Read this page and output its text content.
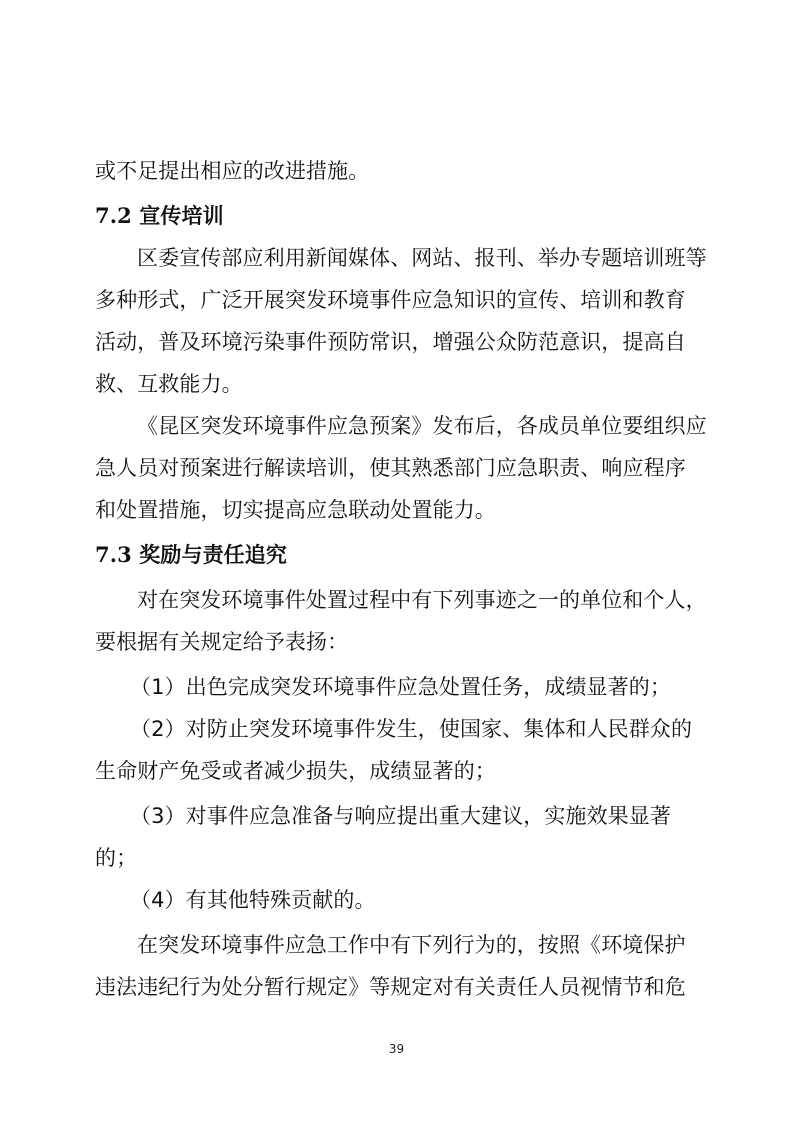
或不足提出相应的改进措施。
7.2 宣传培训
区委宣传部应利用新闻媒体、网站、报刊、举办专题培训班等
多种形式，广泛开展突发环境事件应急知识的宣传、培训和教育
活动，普及环境污染事件预防常识，增强公众防范意识，提高自
救、互救能力。
《昆区突发环境事件应急预案》发布后，各成员单位要组织应
急人员对预案进行解读培训，使其熟悉部门应急职责、响应程序
和处置措施，切实提高应急联动处置能力。
7.3 奖励与责任追究
对在突发环境事件处置过程中有下列事迹之一的单位和个人，
要根据有关规定给予表扬：
（1）出色完成突发环境事件应急处置任务，成绩显著的；
（2）对防止突发环境事件发生，使国家、集体和人民群众的
生命财产免受或者减少损失，成绩显著的；
（3）对事件应急准备与响应提出重大建议，实施效果显著
的；
（4）有其他特殊贡献的。
在突发环境事件应急工作中有下列行为的，按照《环境保护
违法违纪行为处分暂行规定》等规定对有关责任人员视情节和危
39
